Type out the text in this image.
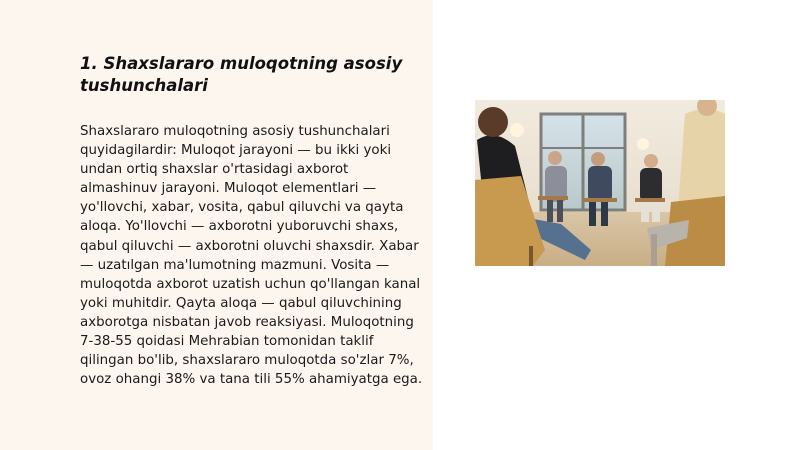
1. Shaxslararo muloqotning asosiy tushunchalari

Shaxslararo muloqotning asosiy tushunchalari quyidagilardir: Muloqot jarayoni — bu ikki yoki undan ortiq shaxslar o'rtasidagi axborot almashinuv jarayoni. Muloqot elementlari — yo'llovchi, xabar, vosita, qabul qiluvchi va qayta aloqa. Yo'llovchi — axborotni yuboruvchi shaxs, qabul qiluvchi — axborotni oluvchi shaxsdir. Xabar — uzatılgan ma'lumotning mazmuni. Vosita — muloqotda axborot uzatish uchun qo'llangan kanal yoki muhitdir. Qayta aloqa — qabul qiluvchining axborotga nisbatan javob reaksiyasi. Muloqotning 7-38-55 qoidasi Mehrabian tomonidan taklif qilingan bo'lib, shaxslararo muloqotda so'zlar 7%, ovoz ohangi 38% va tana tili 55% ahamiyatga ega.
